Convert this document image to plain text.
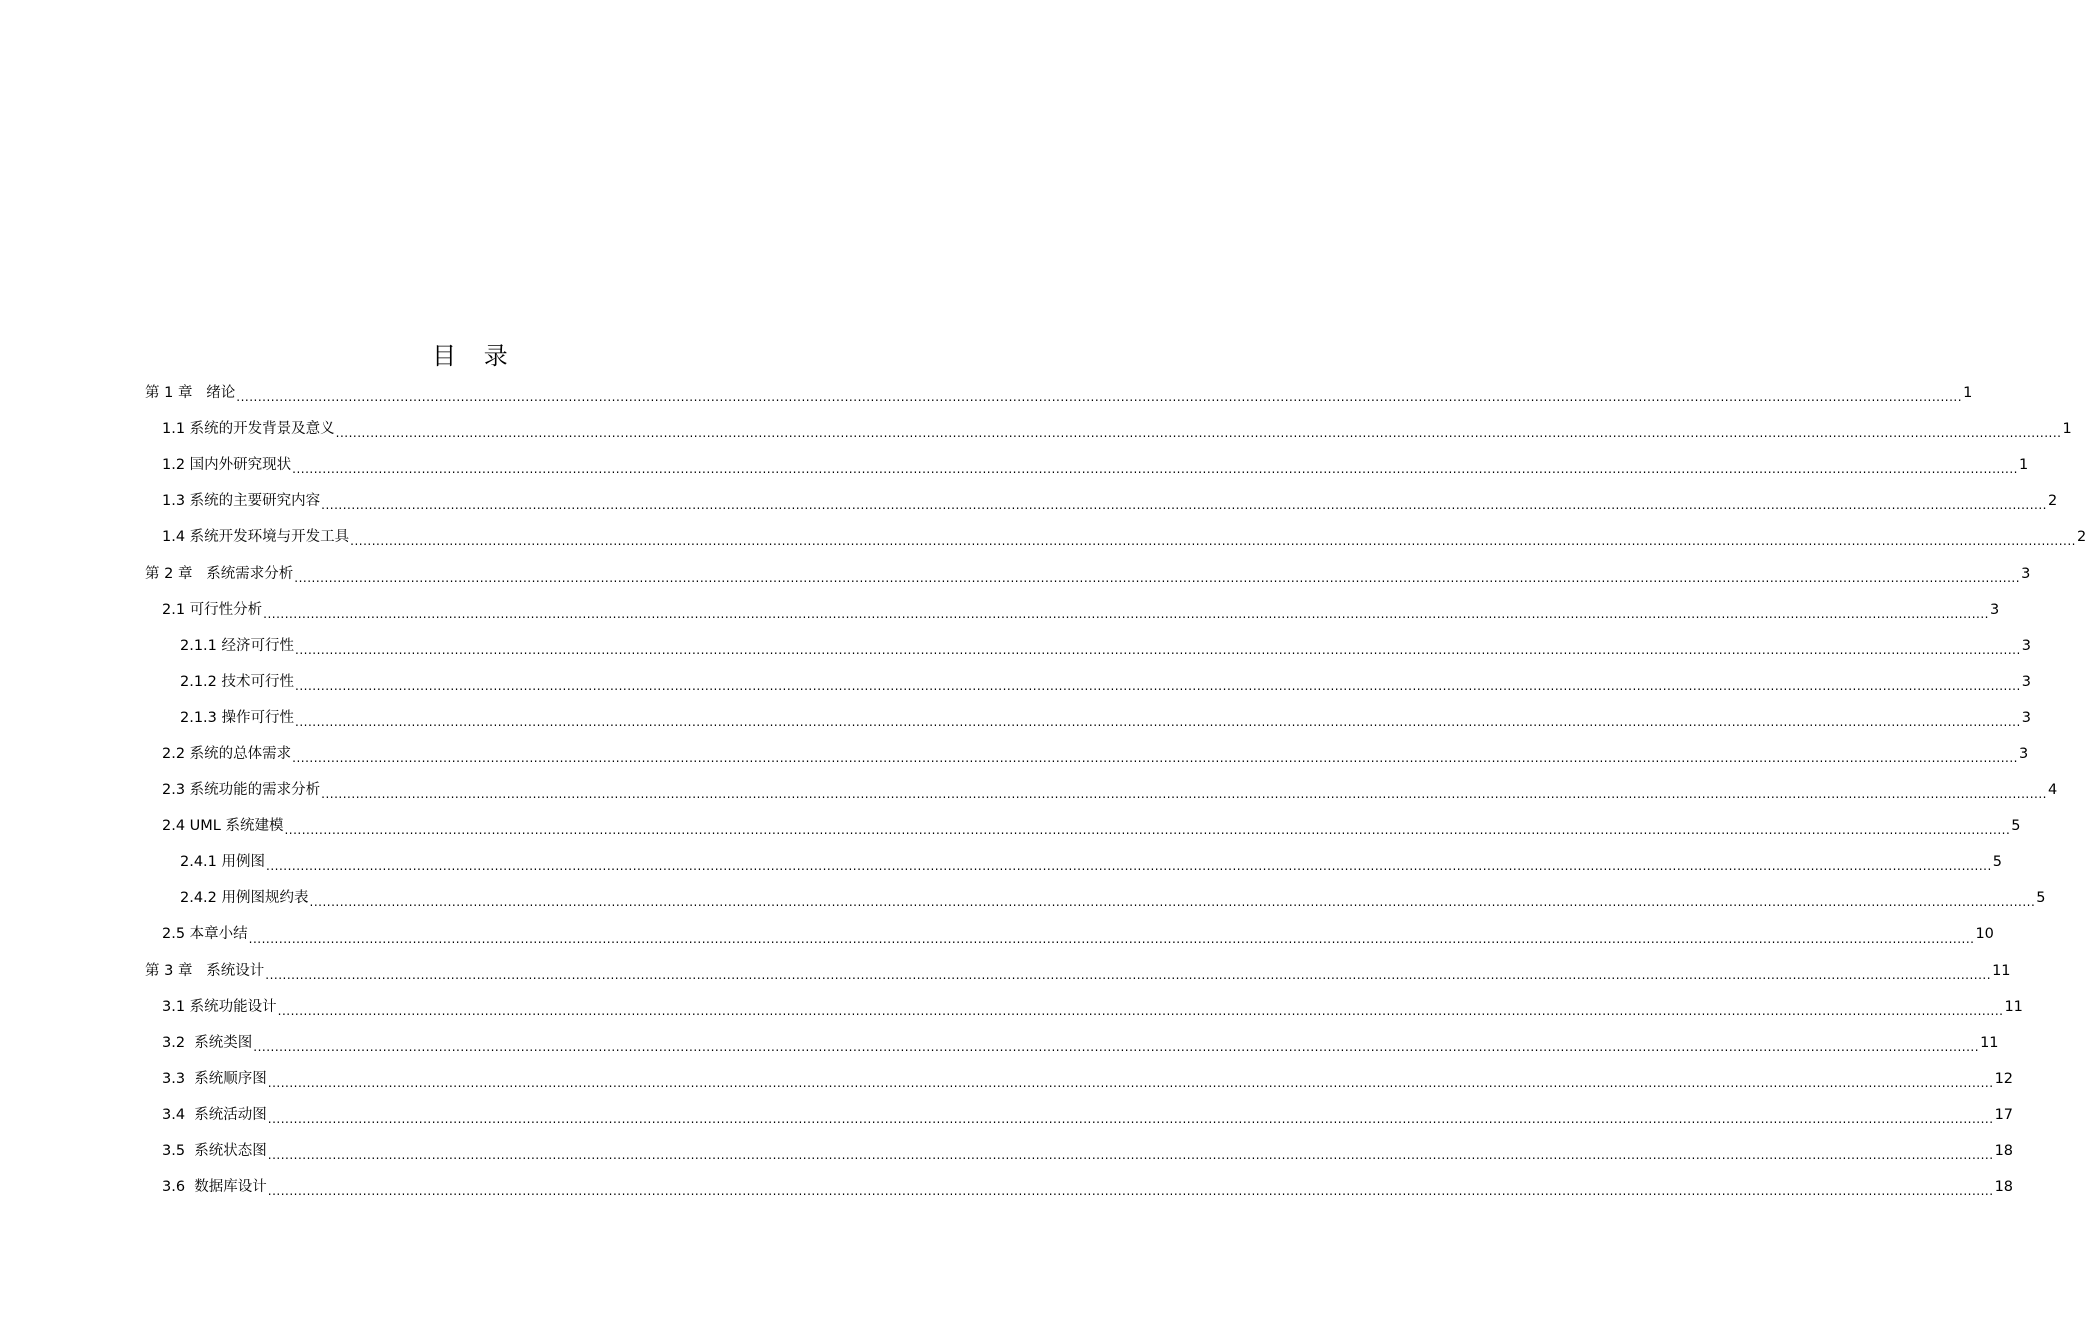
目 录
第 1 章   绪论 ................................................................................................................................................................................................................................................................................................................................................................................................................ 1
1.1 系统的开发背景及意义 ................................................................................................................................................................................................................................................................................................................................................................................................................ 1
1.2 国内外研究现状 ................................................................................................................................................................................................................................................................................................................................................................................................................ 1
1.3 系统的主要研究内容 ................................................................................................................................................................................................................................................................................................................................................................................................................ 2
1.4 系统开发环境与开发工具 ................................................................................................................................................................................................................................................................................................................................................................................................................ 2
第 2 章   系统需求分析 ................................................................................................................................................................................................................................................................................................................................................................................................................ 3
2.1 可行性分析 ................................................................................................................................................................................................................................................................................................................................................................................................................ 3
2.1.1 经济可行性 ................................................................................................................................................................................................................................................................................................................................................................................................................ 3
2.1.2 技术可行性 ................................................................................................................................................................................................................................................................................................................................................................................................................ 3
2.1.3 操作可行性 ................................................................................................................................................................................................................................................................................................................................................................................................................ 3
2.2 系统的总体需求 ................................................................................................................................................................................................................................................................................................................................................................................................................ 3
2.3 系统功能的需求分析 ................................................................................................................................................................................................................................................................................................................................................................................................................ 4
2.4 UML 系统建模 ................................................................................................................................................................................................................................................................................................................................................................................................................ 5
2.4.1 用例图 ................................................................................................................................................................................................................................................................................................................................................................................................................ 5
2.4.2 用例图规约表 ................................................................................................................................................................................................................................................................................................................................................................................................................ 5
2.5 本章小结 ................................................................................................................................................................................................................................................................................................................................................................................................................ 10
第 3 章   系统设计 ................................................................................................................................................................................................................................................................................................................................................................................................................ 11
3.1 系统功能设计 ................................................................................................................................................................................................................................................................................................................................................................................................................ 11
3.2  系统类图 ................................................................................................................................................................................................................................................................................................................................................................................................................ 11
3.3  系统顺序图 ................................................................................................................................................................................................................................................................................................................................................................................................................ 12
3.4  系统活动图 ................................................................................................................................................................................................................................................................................................................................................................................................................ 17
3.5  系统状态图 ................................................................................................................................................................................................................................................................................................................................................................................................................ 18
3.6  数据库设计 ................................................................................................................................................................................................................................................................................................................................................................................................................ 18
